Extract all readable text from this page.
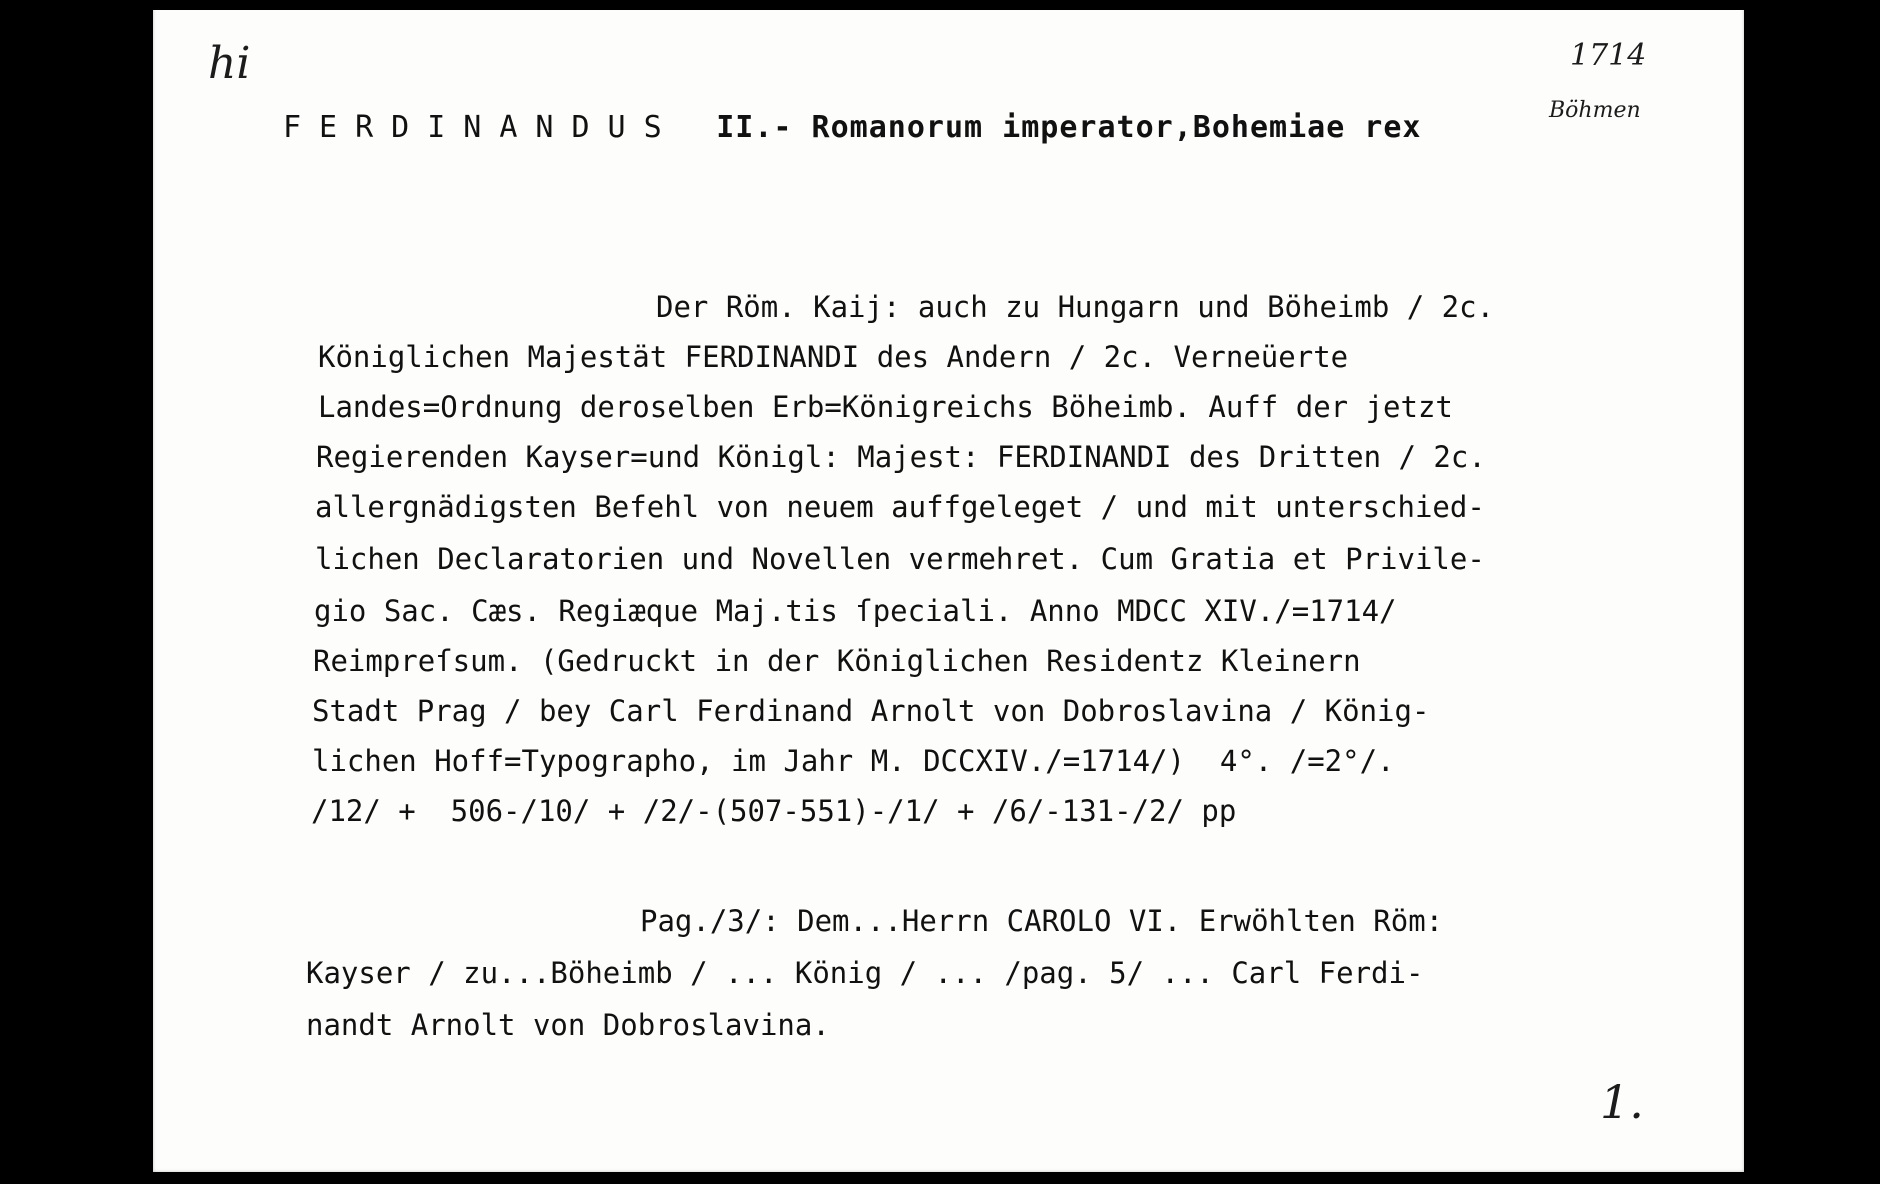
hi	1714
Böhmen
FERDINANDUS II.- Romanorum imperator,Bohemiae rex
Der Röm. Kaij: auch zu Hungarn und Böheimb / 2c.
Königlichen Majestät FERDINANDI des Andern / 2c. Verneüerte
Landes=Ordnung deroselben Erb=Königreichs Böheimb. Auff der jetzt
Regierenden Kayser=und Königl: Majest: FERDINANDI des Dritten / 2c.
allergnädigsten Befehl von neuem auffgeleget / und mit unterschied-
lichen Declaratorien und Novellen vermehret. Cum Gratia et Privile-
gio Sac. Cæs. Regiæque Maj.tis ſpeciali. Anno MDCC XIV./=1714/
Reimpreſsum. (Gedruckt in der Königlichen Residentz Kleinern
Stadt Prag / bey Carl Ferdinand Arnolt von Dobroslavina / König-
lichen Hoff=Typographo, im Jahr M. DCCXIV./=1714/)  4°. /=2°/.
/12/ +  506-/10/ + /2/-(507-551)-/1/ + /6/-131-/2/ pp
Pag./3/: Dem...Herrn CAROLO VI. Erwöhlten Röm:
Kayser / zu...Böheimb / ... König / ... /pag. 5/ ... Carl Ferdi-
nandt Arnolt von Dobroslavina.
1.
